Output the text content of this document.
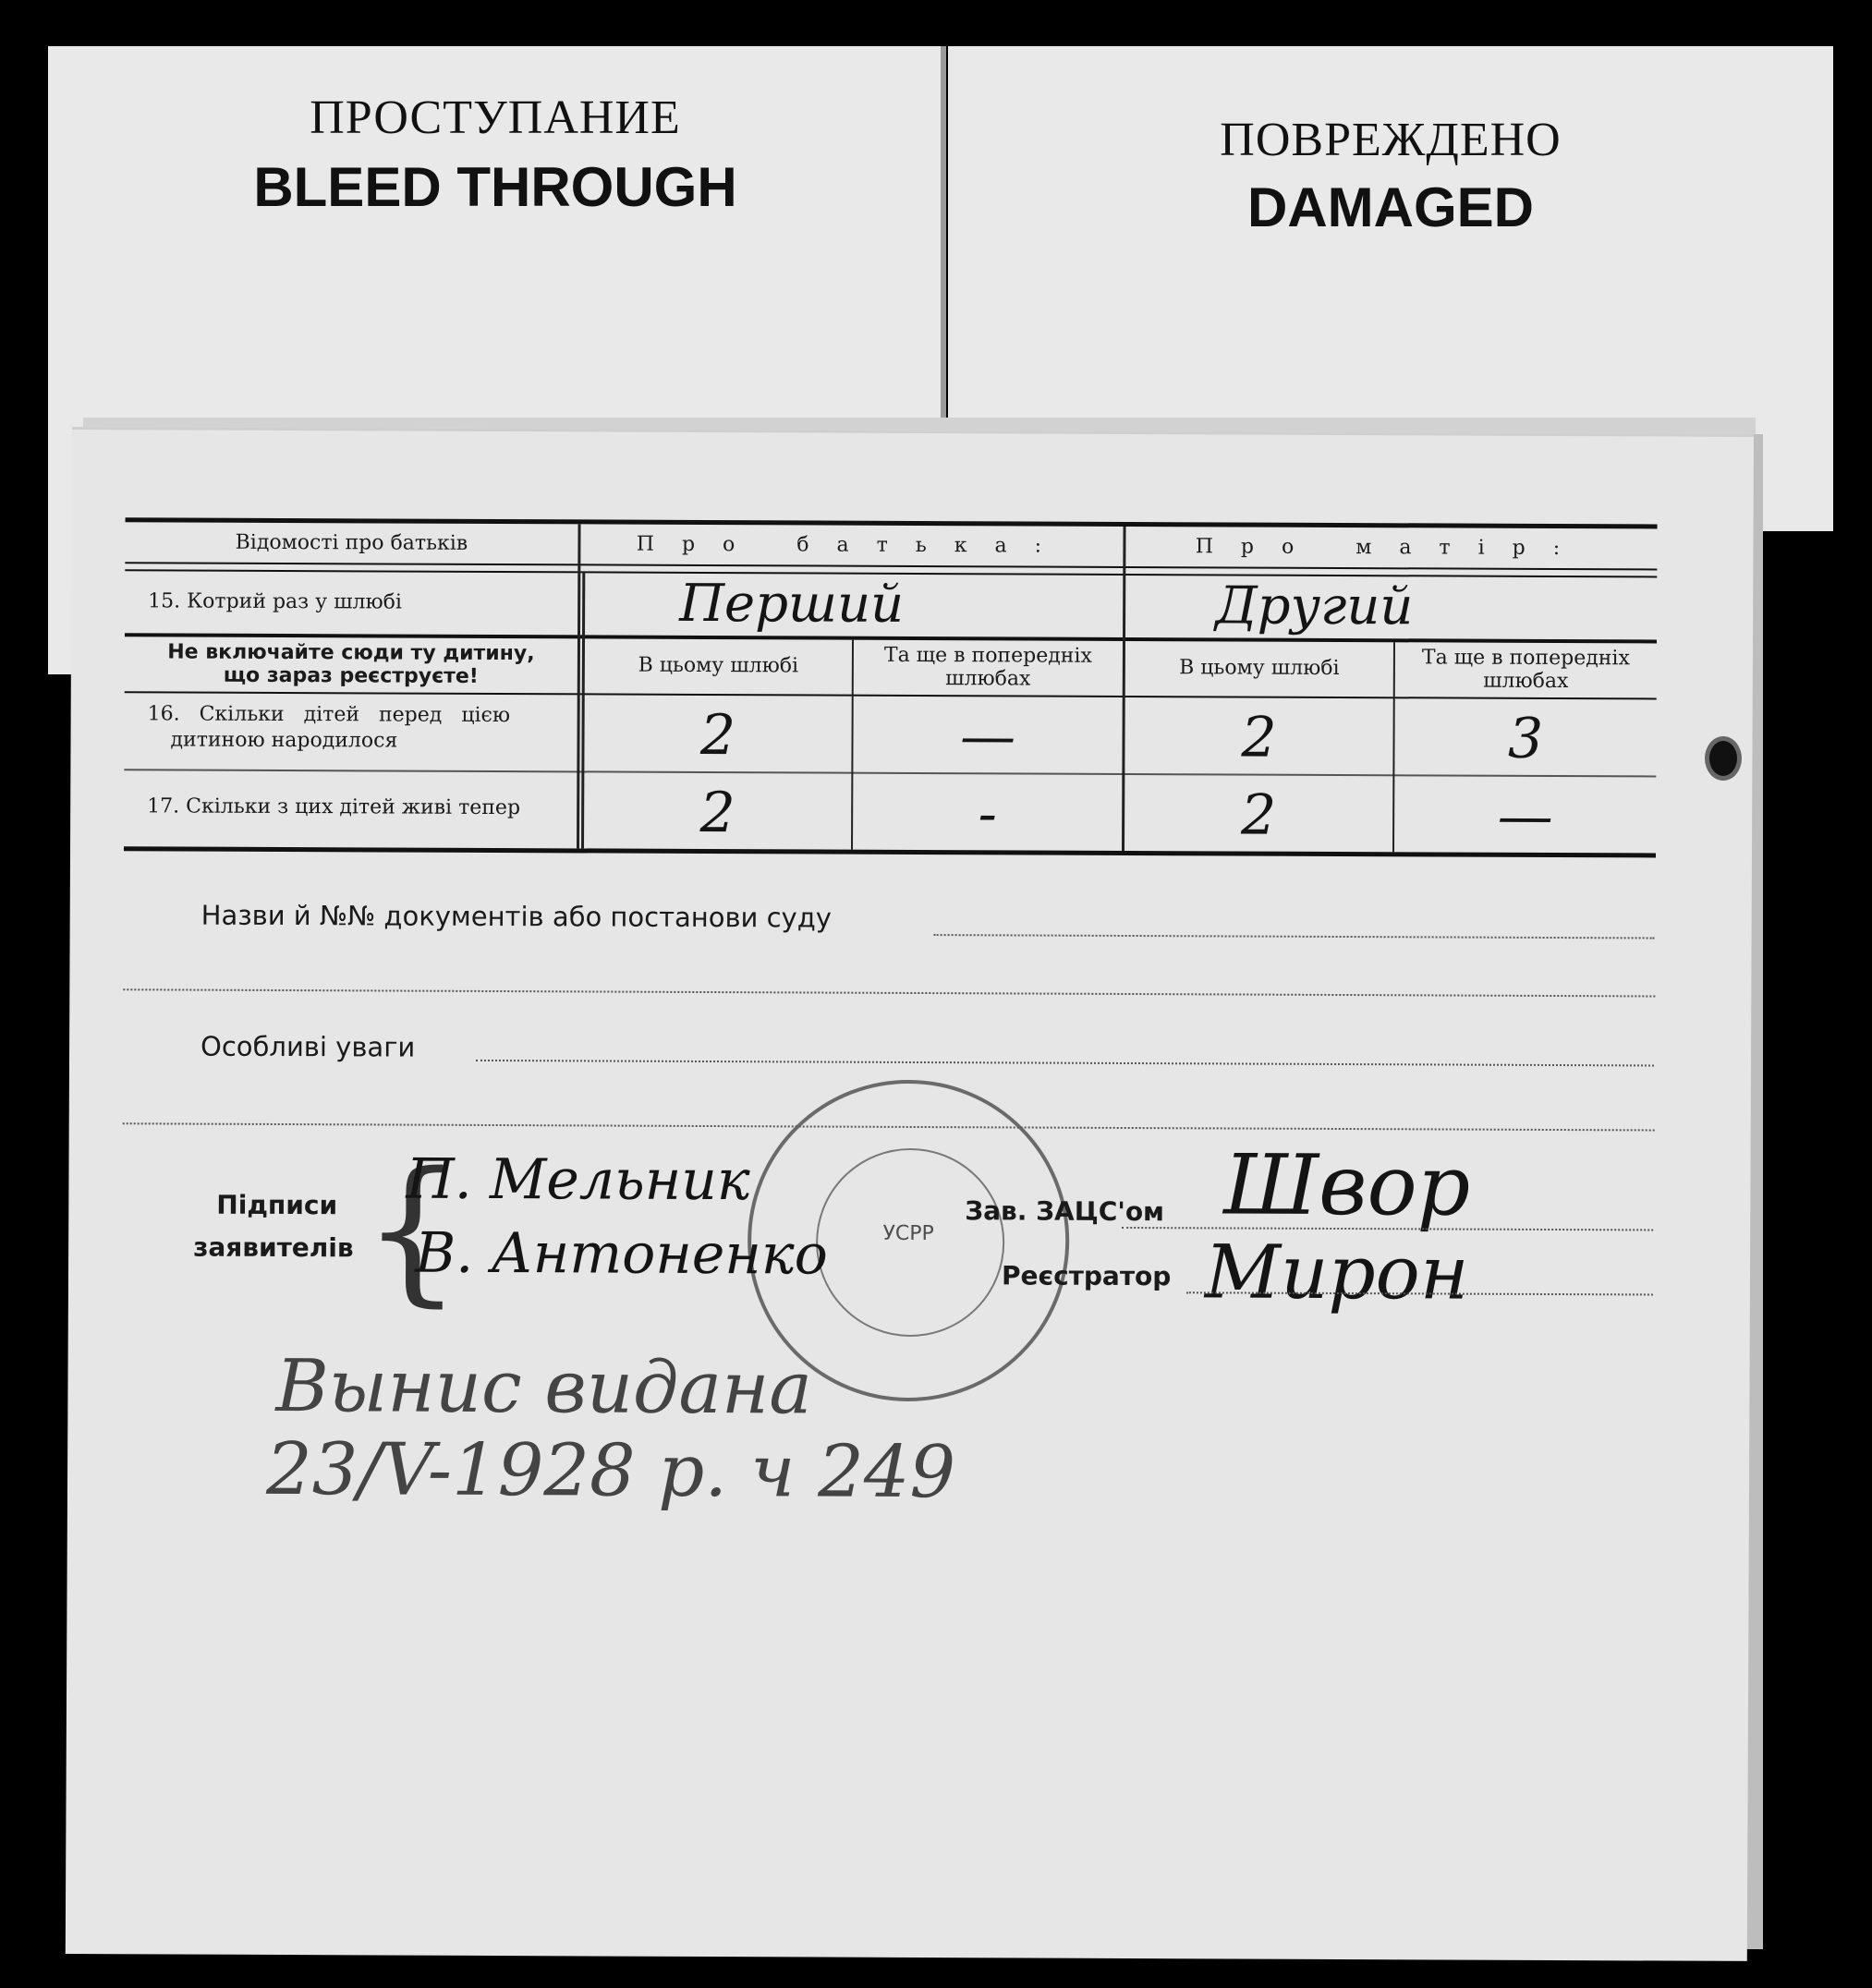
ПРОСТУПАНИЕ
BLEED THROUGH
ПОВРЕЖДЕНО
DAMAGED
Відомості про батьків	Про батька:	Про матір:
15. Котрий раз у шлюбі	Перший	Другий
Не включайте сюди ту дитину,
що зараз реєструєте!	В цьому шлюбі	Та ще в попередніх
шлюбах	В цьому шлюбі	Та ще в попередніх
шлюбах
16. Скільки дітей перед цією
дитиною народилося	2	—	2	3
17. Скільки з цих дітей живі тепер	2	-	2	—
Назви й №№ документів або постанови суду
Особливі уваги
УСРР
Підписи
заявителів {
П. Мельник
В. Антоненко
Зав. ЗАЦС'ом Швор
Реєстратор Мирон
Вынис видана
23/V-1928 р. ч 249
